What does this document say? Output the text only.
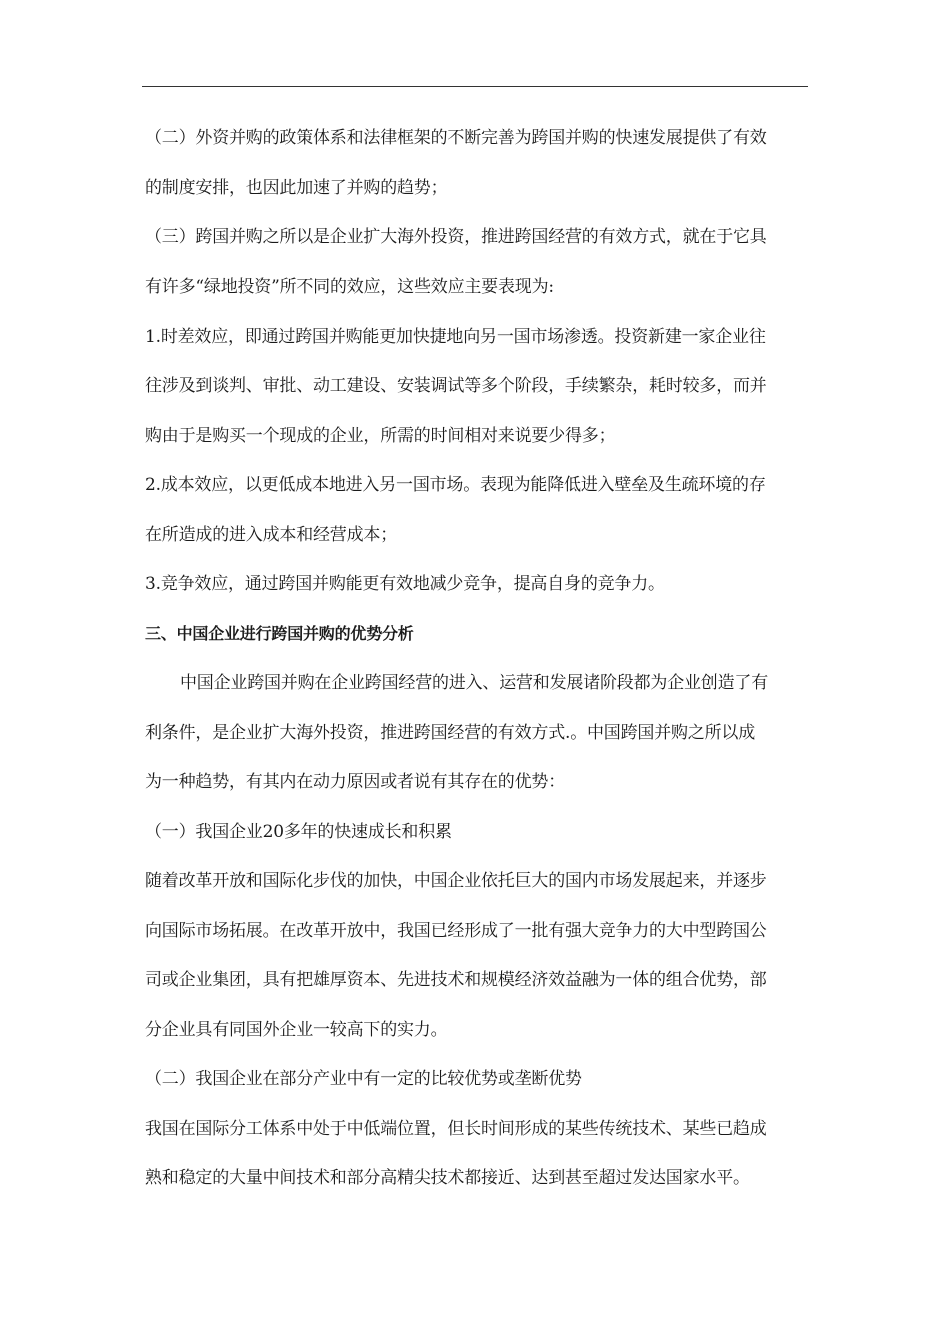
（二）外资并购的政策体系和法律框架的不断完善为跨国并购的快速发展提供了有效
的制度安排，也因此加速了并购的趋势；
（三）跨国并购之所以是企业扩大海外投资，推进跨国经营的有效方式，就在于它具
有许多“绿地投资”所不同的效应，这些效应主要表现为:
1.时差效应，即通过跨国并购能更加快捷地向另一国市场渗透。投资新建一家企业往
往涉及到谈判、审批、动工建设、安装调试等多个阶段，手续繁杂，耗时较多，而并
购由于是购买一个现成的企业，所需的时间相对来说要少得多；
2.成本效应，以更低成本地进入另一国市场。表现为能降低进入壁垒及生疏环境的存
在所造成的进入成本和经营成本；
3.竞争效应，通过跨国并购能更有效地减少竞争，提高自身的竞争力。
三、中国企业进行跨国并购的优势分析
中国企业跨国并购在企业跨国经营的进入、运营和发展诸阶段都为企业创造了有
利条件，是企业扩大海外投资，推进跨国经营的有效方式.。中国跨国并购之所以成
为一种趋势，有其内在动力原因或者说有其存在的优势：
（一）我国企业20多年的快速成长和积累
随着改革开放和国际化步伐的加快，中国企业依托巨大的国内市场发展起来，并逐步
向国际市场拓展。在改革开放中，我国已经形成了一批有强大竞争力的大中型跨国公
司或企业集团，具有把雄厚资本、先进技术和规模经济效益融为一体的组合优势，部
分企业具有同国外企业一较高下的实力。
（二）我国企业在部分产业中有一定的比较优势或垄断优势
我国在国际分工体系中处于中低端位置，但长时间形成的某些传统技术、某些已趋成
熟和稳定的大量中间技术和部分高精尖技术都接近、达到甚至超过发达国家水平。
